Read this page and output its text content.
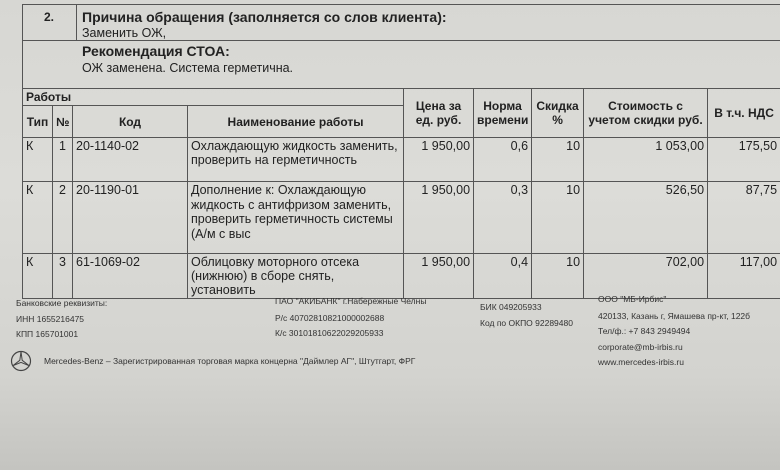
2. Причина обращения (заполняется со слов клиента):
Заменить ОЖ,
Рекомендация СТОА:
ОЖ заменена. Система герметична.
Работы				Цена за ед. руб.	Норма времени	Скидка %	Стоимость с учетом скидки руб.	В т.ч. НДС
Тип	№	Код	Наименование работы					
К	1	20-1140-02	Охлаждающую жидкость заменить, проверить на герметичность	1 950,00	0,6	10	1 053,00	175,50
К	2	20-1190-01	Дополнение к: Охлаждающую жидкость с антифризом заменить, проверить герметичность системы (А/м с выс	1 950,00	0,3	10	526,50	87,75
К	3	61-1069-02	Облицовку моторного отсека (нижнюю) в сборе снять, установить	1 950,00	0,4	10	702,00	117,00
Банковские реквизиты:
ИНН 1655216475
КПП 165701001
ПАО "АКИБАНК" г.Набережные Челны
Р/с 40702810821000002688
К/с 30101810622029205933
БИК 049205933
Код по ОКПО 92289480
ООО "МБ-Ирбис"
420133, Казань г, Ямашева пр-кт, 122б
Тел/ф.: +7 843 2949494
corporate@mb-irbis.ru
www.mercedes-irbis.ru
Mercedes-Benz – Зарегистрированная торговая марка концерна "Даймлер АГ", Штутгарт, ФРГ
